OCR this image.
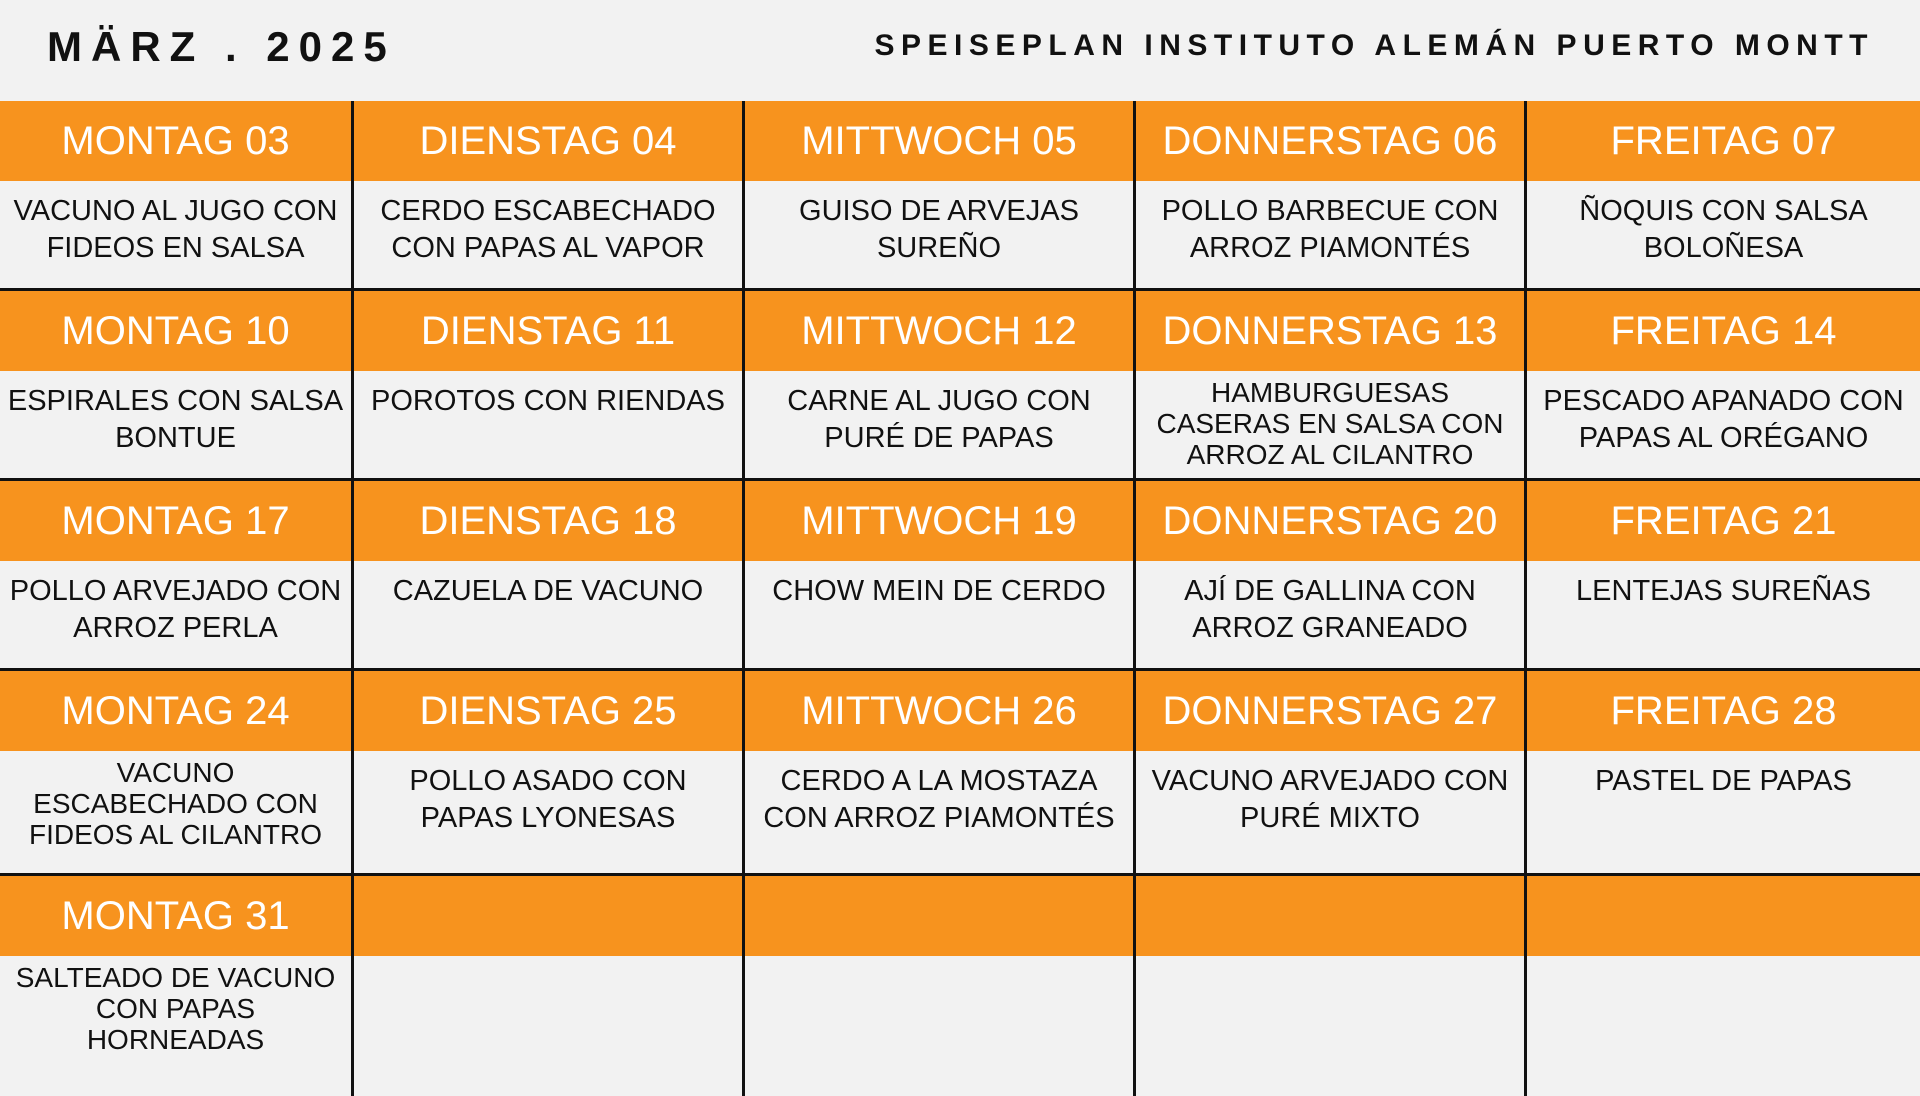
MÄRZ . 2025	SPEISEPLAN INSTITUTO ALEMÁN PUERTO MONTT
MONTAG 03
VACUNO AL JUGO CON FIDEOS EN SALSA
DIENSTAG 04
CERDO ESCABECHADO CON PAPAS AL VAPOR
MITTWOCH 05
GUISO DE ARVEJAS SUREÑO
DONNERSTAG 06
POLLO BARBECUE CON ARROZ PIAMONTÉS
FREITAG 07
ÑOQUIS CON SALSA BOLOÑESA
MONTAG 10
ESPIRALES CON SALSA BONTUE
DIENSTAG 11
POROTOS CON RIENDAS
MITTWOCH 12
CARNE AL JUGO CON PURÉ DE PAPAS
DONNERSTAG 13
HAMBURGUESAS CASERAS EN SALSA CON ARROZ AL CILANTRO
FREITAG 14
PESCADO APANADO CON PAPAS AL ORÉGANO
MONTAG 17
POLLO ARVEJADO CON ARROZ PERLA
DIENSTAG 18
CAZUELA DE VACUNO
MITTWOCH 19
CHOW MEIN DE CERDO
DONNERSTAG 20
AJÍ DE GALLINA CON ARROZ GRANEADO
FREITAG 21
LENTEJAS SUREÑAS
MONTAG 24
VACUNO ESCABECHADO CON FIDEOS AL CILANTRO
DIENSTAG 25
POLLO ASADO CON PAPAS LYONESAS
MITTWOCH 26
CERDO A LA MOSTAZA CON ARROZ PIAMONTÉS
DONNERSTAG 27
VACUNO ARVEJADO CON PURÉ MIXTO
FREITAG 28
PASTEL DE PAPAS
MONTAG 31
SALTEADO DE VACUNO CON PAPAS HORNEADAS
